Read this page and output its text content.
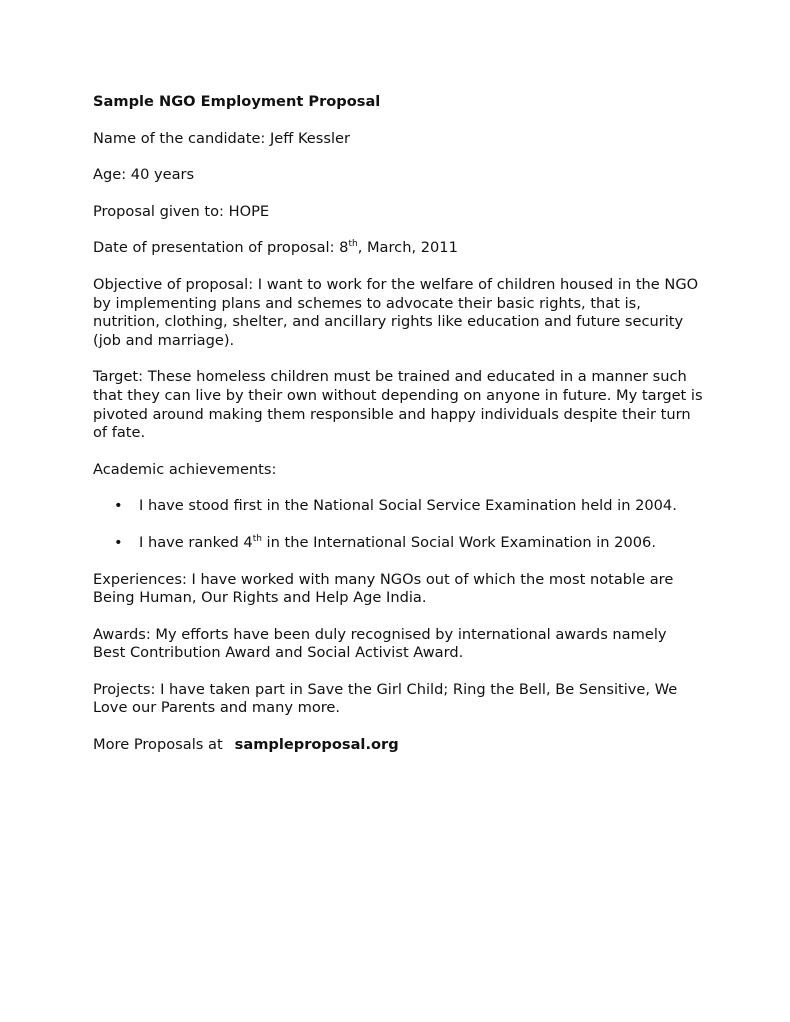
Sample NGO Employment Proposal

Name of the candidate: Jeff Kessler

Age: 40 years

Proposal given to: HOPE

Date of presentation of proposal: 8th, March, 2011

Objective of proposal: I want to work for the welfare of children housed in the NGO by implementing plans and schemes to advocate their basic rights, that is, nutrition, clothing, shelter, and ancillary rights like education and future security (job and marriage).

Target: These homeless children must be trained and educated in a manner such that they can live by their own without depending on anyone in future. My target is pivoted around making them responsible and happy individuals despite their turn of fate.

Academic achievements:

• I have stood first in the National Social Service Examination held in 2004.
• I have ranked 4th in the International Social Work Examination in 2006.

Experiences: I have worked with many NGOs out of which the most notable are Being Human, Our Rights and Help Age India.

Awards: My efforts have been duly recognised by international awards namely Best Contribution Award and Social Activist Award.

Projects: I have taken part in Save the Girl Child; Ring the Bell, Be Sensitive, We Love our Parents and many more.

More Proposals at sampleproposal.org
